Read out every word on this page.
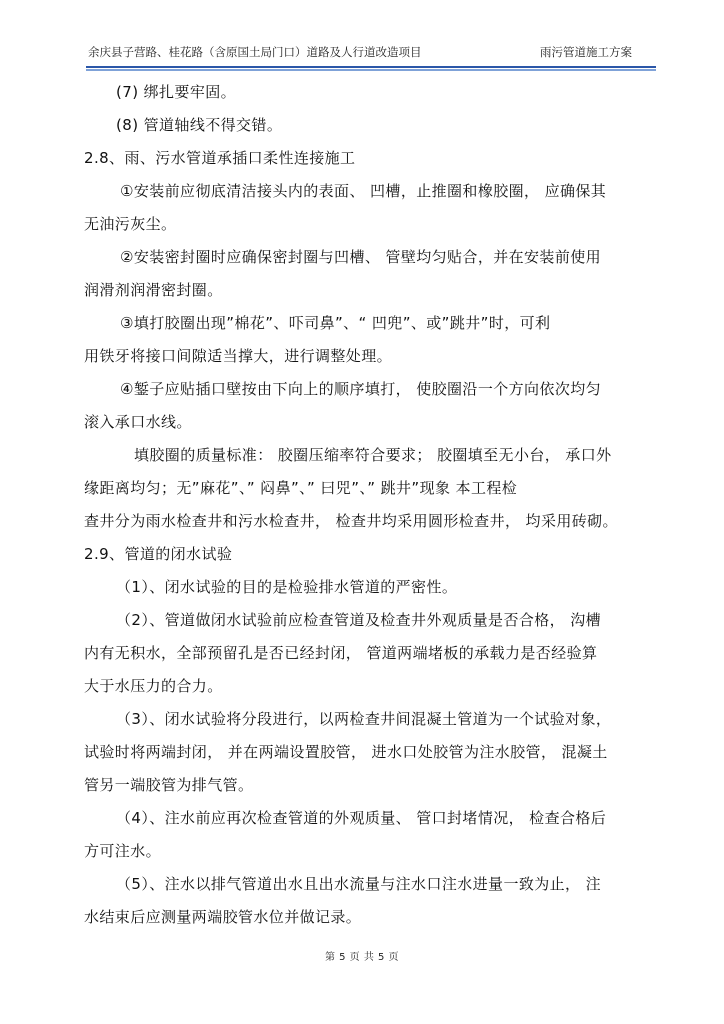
余庆县子营路、桂花路（含原国土局门口）道路及人行道改造项目	雨污管道施工方案
(7) 绑扎要牢固。
(8) 管道轴线不得交错。
2.8、雨、污水管道承插口柔性连接施工
①安装前应彻底清洁接头内的表面、 凹槽，止推圈和橡胶圈， 应确保其
无油污灰尘。
②安装密封圈时应确保密封圈与凹槽、 管壁均匀贴合，并在安装前使用
润滑剂润滑密封圈。
③填打胶圈出现”棉花”、吓司鼻”、“ 凹兜”、或”跳井”时，可利
用铁牙将接口间隙适当撑大，进行调整处理。
④錾子应贴插口壁按由下向上的顺序填打， 使胶圈沿一个方向依次均匀
滚入承口水线。
填胶圈的质量标准： 胶圈压缩率符合要求； 胶圈填至无小台， 承口外
缘距离均匀；无”麻花”、” 闷鼻”、” 曰兕”、” 跳井”现象 本工程检
查井分为雨水检查井和污水检查井， 检查井均采用圆形检查井， 均采用砖砌。
2.9、管道的闭水试验
（1）、闭水试验的目的是检验排水管道的严密性。
（2）、管道做闭水试验前应检查管道及检查井外观质量是否合格， 沟槽
内有无积水，全部预留孔是否已经封闭， 管道两端堵板的承载力是否经验算
大于水压力的合力。
（3）、闭水试验将分段进行，以两检查井间混凝土管道为一个试验对象，
试验时将两端封闭， 并在两端设置胶管， 进水口处胶管为注水胶管， 混凝土
管另一端胶管为排气管。
（4）、注水前应再次检查管道的外观质量、 管口封堵情况， 检查合格后
方可注水。
（5）、注水以排气管道出水且出水流量与注水口注水进量一致为止， 注
水结束后应测量两端胶管水位并做记录。
第 5 页 共 5 页
